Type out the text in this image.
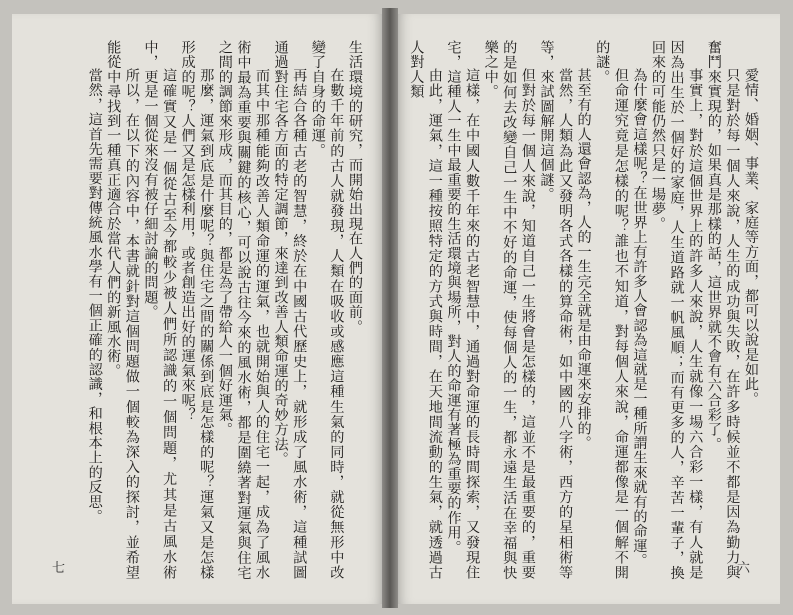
生活環境的研究，而開始出現在人們的面前。

在數千年前的古人就發現，人類在吸收或感應這種生氣的同時，就從無形中改變了自身的命運。

再結合各種古老的智慧，終於在中國古代歷史上，就形成了風水術，這種試圖通過對住宅各方面的特定調節，來達到改善人類命運的奇妙方法。

而其中那種能夠改善人類命運的運氣，也就開始與人的住宅一起，成為了風水術中最為重要與關鍵的核心，可以說古往今來的風水術，都是圍繞著對運氣與住宅之間的調節來形成，而其目的，都是為了帶給人一個好運氣。

那麼，運氣到底是什麼呢？與住宅之間的關係到底是怎樣的呢？運氣又是怎樣形成的呢？人們又是怎樣利用，或者創造出好的運氣來呢？

這確實又是一個從古至今都較少被人們所認識的一個問題，尤其是古風水術中，更是一個從來沒有被仔細討論的問題。

所以，在以下的內容中，本書就針對這個問題做一個較為深入的探討，並希望能從中尋找到一種真正適合於當代人們的新風水術。

當然，這首先需要對傳統風水學有一個正確的認識，和根本上的反思。

七

愛情、婚姻、事業、家庭等方面，都可以說是如此。

只是對於每一個人來說，人生的成功與失敗，在許多時候並不都是因為勤力與奮鬥來實現的，如果真是那樣的話，這世界就不會有六合彩了。

事實上，對於這個世界上的許多人來說，人生就像一場六合彩一樣，有人就是因為出生於一個好的家庭，人生道路就一帆風順；而有更多的人，辛苦一輩子，換回來的可能仍然只是一場夢。

為什麼會這樣呢？在世界上有許多人會認為這就是一種所謂生來就有的命運。

但命運究竟是怎樣的呢？誰也不知道，對每個人來說，命運都像是一個解不開的謎。

甚至有的人還會認為，人的一生完全就是由命運來安排的。

當然，人類為此又發明各式各樣的算命術，如中國的八字術，西方的星相術等等，來試圖解開這個謎。

但對於每一個人來說，知道自己一生將會是怎樣的，這並不是最重要的，重要的是如何去改變自己一生中不好的命運，使每個人的一生，都永遠生活在幸福與快樂之中。

這樣，在中國人數千年來的古老智慧中，通過對命運的長時間探索，又發現住宅，這種人一生中最重要的生活環境與場所，對人的命運有著極為重要的作用。

由此，運氣，這一種按照特定的方式與時間，在天地間流動的生氣，就透過古人對人類

六
